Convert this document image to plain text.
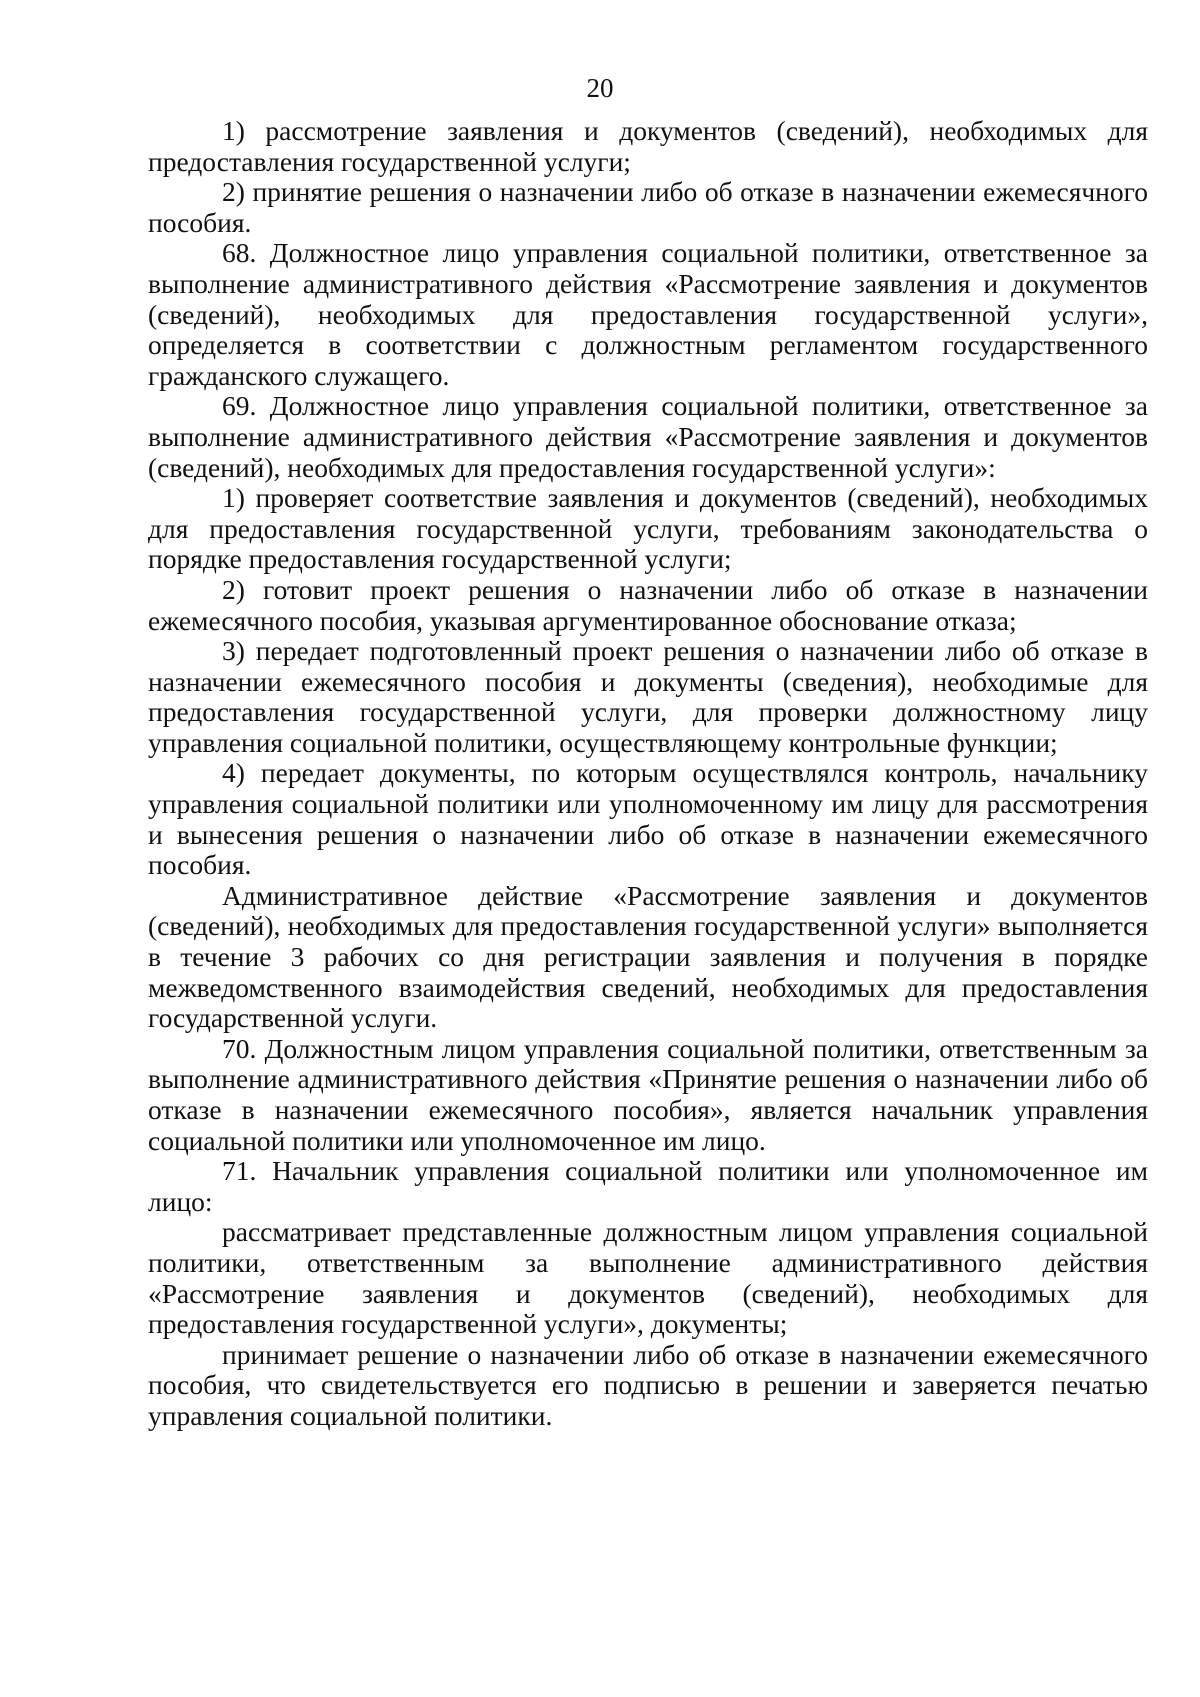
20

1) рассмотрение заявления и документов (сведений), необходимых для предоставления государственной услуги;

2) принятие решения о назначении либо об отказе в назначении ежемесячного пособия.

68. Должностное лицо управления социальной политики, ответственное за выполнение административного действия «Рассмотрение заявления и документов (сведений), необходимых для предоставления государственной услуги», определяется в соответствии с должностным регламентом государственного гражданского служащего.

69. Должностное лицо управления социальной политики, ответственное за выполнение административного действия «Рассмотрение заявления и документов (сведений), необходимых для предоставления государственной услуги»:

1) проверяет соответствие заявления и документов (сведений), необходимых для предоставления государственной услуги, требованиям законодательства о порядке предоставления государственной услуги;

2) готовит проект решения о назначении либо об отказе в назначении ежемесячного пособия, указывая аргументированное обоснование отказа;

3) передает подготовленный проект решения о назначении либо об отказе в назначении ежемесячного пособия и документы (сведения), необходимые для предоставления государственной услуги, для проверки должностному лицу управления социальной политики, осуществляющему контрольные функции;

4) передает документы, по которым осуществлялся контроль, начальнику управления социальной политики или уполномоченному им лицу для рассмотрения и вынесения решения о назначении либо об отказе в назначении ежемесячного пособия.

Административное действие «Рассмотрение заявления и документов (сведений), необходимых для предоставления государственной услуги» выполняется в течение 3 рабочих со дня регистрации заявления и получения в порядке межведомственного взаимодействия сведений, необходимых для предоставления государственной услуги.

70. Должностным лицом управления социальной политики, ответственным за выполнение административного действия «Принятие решения о назначении либо об отказе в назначении ежемесячного пособия», является начальник управления социальной политики или уполномоченное им лицо.

71. Начальник управления социальной политики или уполномоченное им лицо:

рассматривает представленные должностным лицом управления социальной политики, ответственным за выполнение административного действия «Рассмотрение заявления и документов (сведений), необходимых для предоставления государственной услуги», документы;

принимает решение о назначении либо об отказе в назначении ежемесячного пособия, что свидетельствуется его подписью в решении и заверяется печатью управления социальной политики.
